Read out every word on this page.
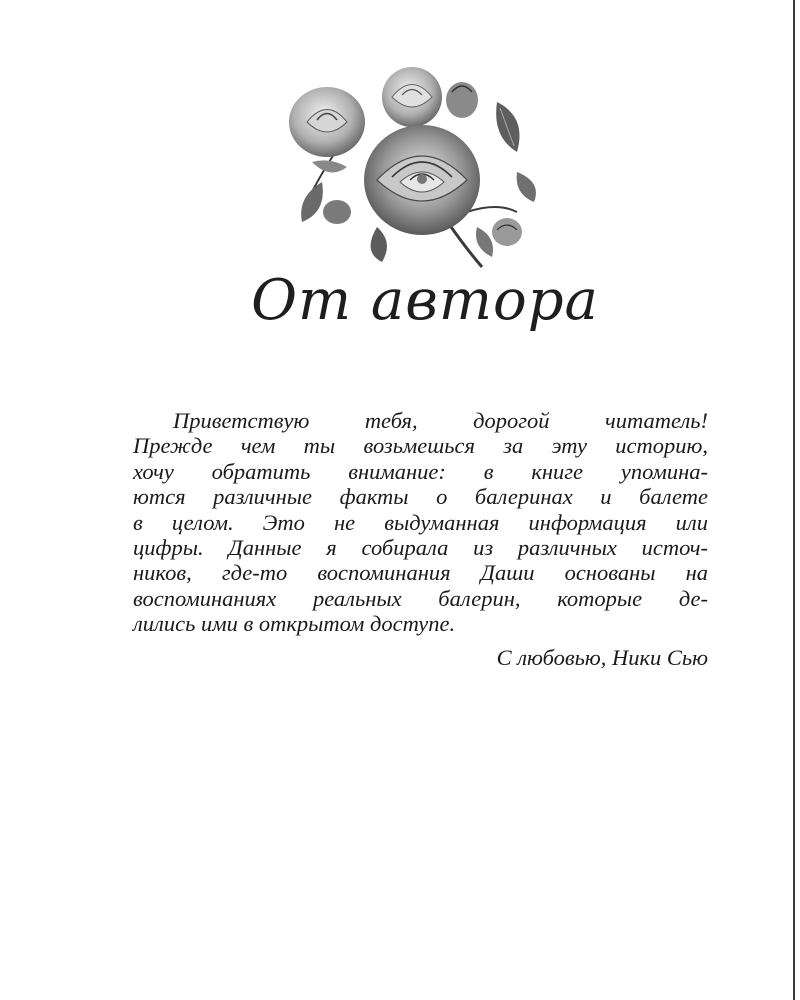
От автора

Приветствую тебя, дорогой читатель!
Прежде чем ты возьмешься за эту историю,
хочу обратить внимание: в книге упомина-
ются различные факты о балеринах и балете
в целом. Это не выдуманная информация или
цифры. Данные я собирала из различных источ-
ников, где-то воспоминания Даши основаны на
воспоминаниях реальных балерин, которые де-
лились ими в открытом доступе.

С любовью, Ники Сью
